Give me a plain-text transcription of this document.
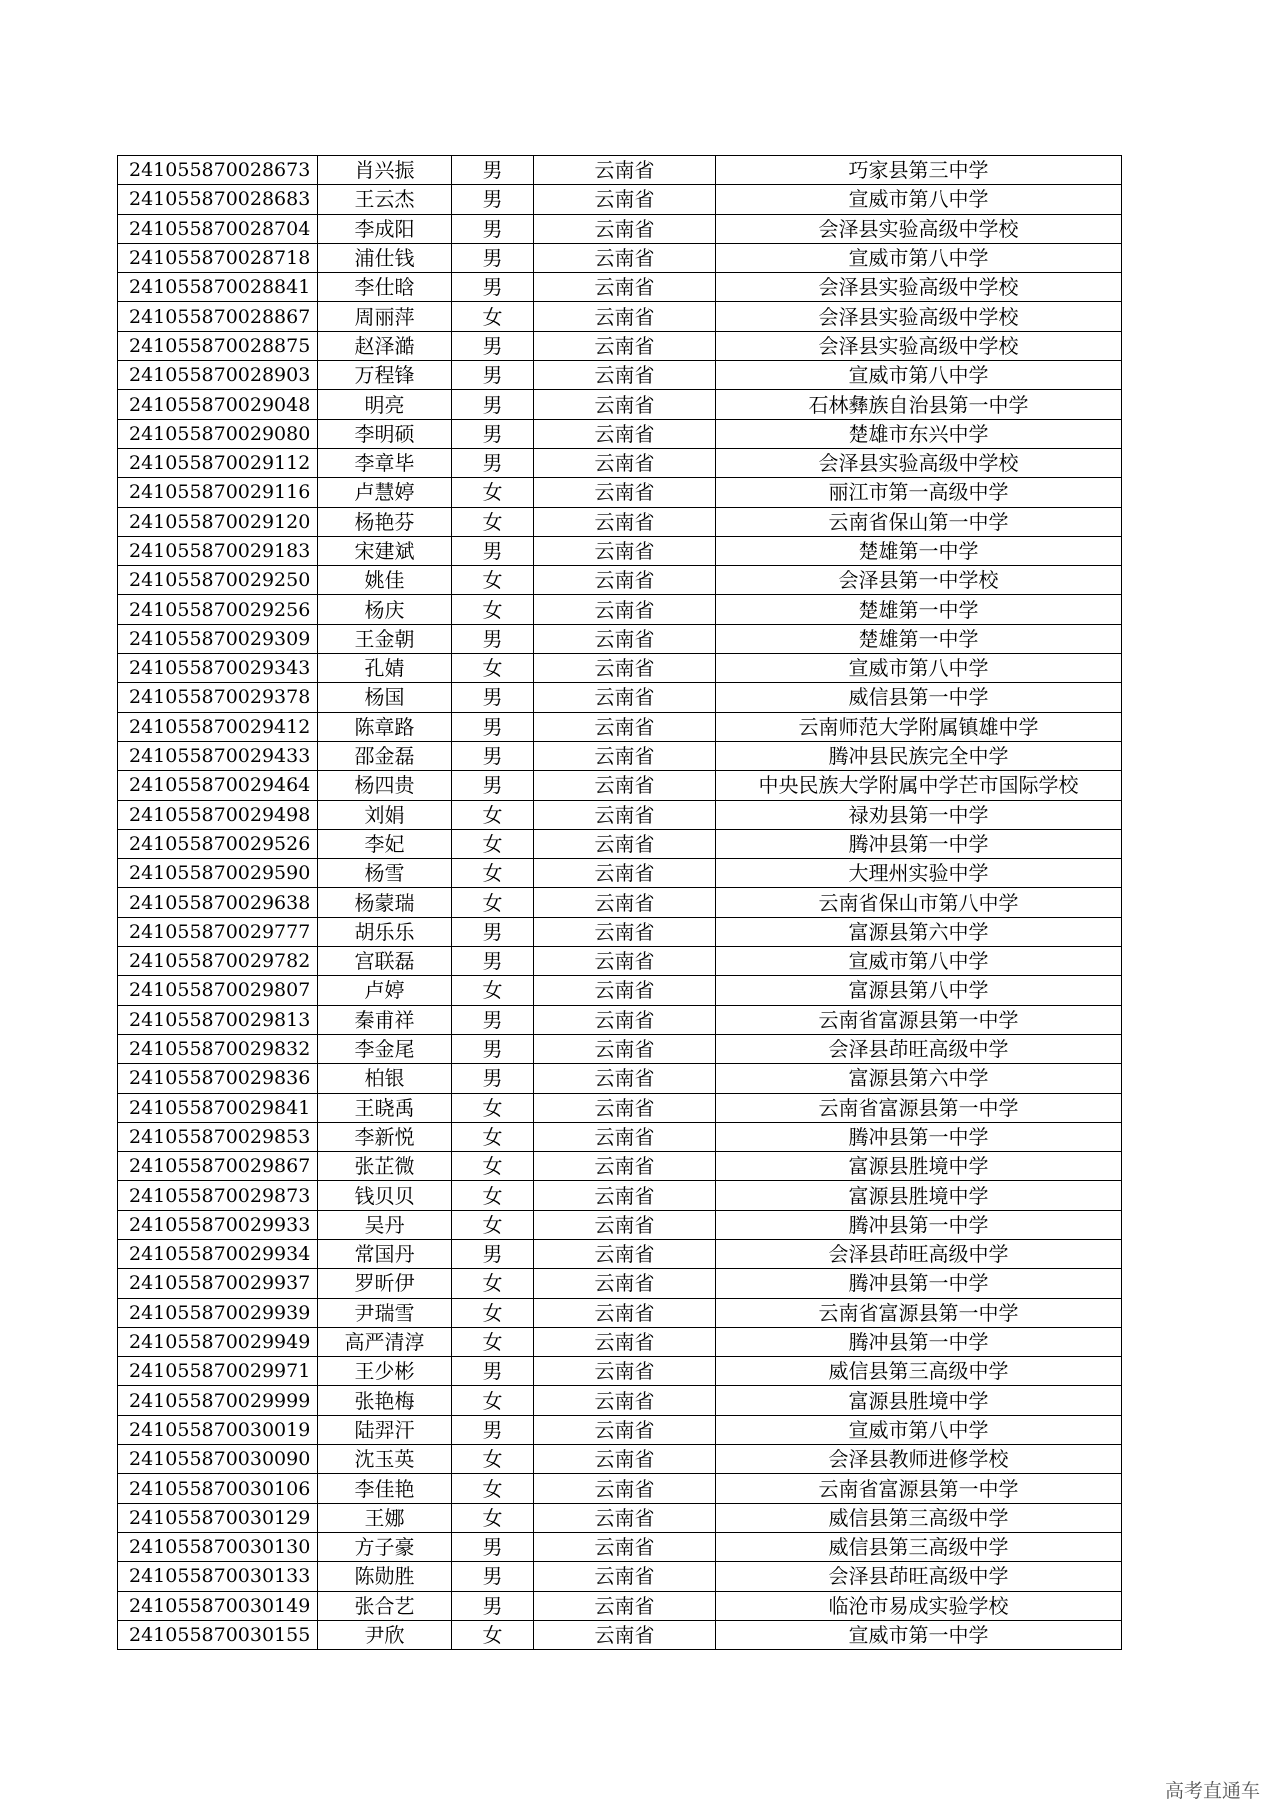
241055870028673	肖兴振	男	云南省	巧家县第三中学
241055870028683	王云杰	男	云南省	宣威市第八中学
241055870028704	李成阳	男	云南省	会泽县实验高级中学校
241055870028718	浦仕钱	男	云南省	宣威市第八中学
241055870028841	李仕晗	男	云南省	会泽县实验高级中学校
241055870028867	周丽萍	女	云南省	会泽县实验高级中学校
241055870028875	赵泽澔	男	云南省	会泽县实验高级中学校
241055870028903	万程锋	男	云南省	宣威市第八中学
241055870029048	明亮	男	云南省	石林彝族自治县第一中学
241055870029080	李明硕	男	云南省	楚雄市东兴中学
241055870029112	李章毕	男	云南省	会泽县实验高级中学校
241055870029116	卢慧婷	女	云南省	丽江市第一高级中学
241055870029120	杨艳芬	女	云南省	云南省保山第一中学
241055870029183	宋建斌	男	云南省	楚雄第一中学
241055870029250	姚佳	女	云南省	会泽县第一中学校
241055870029256	杨庆	女	云南省	楚雄第一中学
241055870029309	王金朝	男	云南省	楚雄第一中学
241055870029343	孔婧	女	云南省	宣威市第八中学
241055870029378	杨国	男	云南省	威信县第一中学
241055870029412	陈章路	男	云南省	云南师范大学附属镇雄中学
241055870029433	邵金磊	男	云南省	腾冲县民族完全中学
241055870029464	杨四贵	男	云南省	中央民族大学附属中学芒市国际学校
241055870029498	刘娟	女	云南省	禄劝县第一中学
241055870029526	李妃	女	云南省	腾冲县第一中学
241055870029590	杨雪	女	云南省	大理州实验中学
241055870029638	杨蒙瑞	女	云南省	云南省保山市第八中学
241055870029777	胡乐乐	男	云南省	富源县第六中学
241055870029782	宫联磊	男	云南省	宣威市第八中学
241055870029807	卢婷	女	云南省	富源县第八中学
241055870029813	秦甫祥	男	云南省	云南省富源县第一中学
241055870029832	李金尾	男	云南省	会泽县茚旺高级中学
241055870029836	柏银	男	云南省	富源县第六中学
241055870029841	王晓禹	女	云南省	云南省富源县第一中学
241055870029853	李新悦	女	云南省	腾冲县第一中学
241055870029867	张芷微	女	云南省	富源县胜境中学
241055870029873	钱贝贝	女	云南省	富源县胜境中学
241055870029933	吴丹	女	云南省	腾冲县第一中学
241055870029934	常国丹	男	云南省	会泽县茚旺高级中学
241055870029937	罗昕伊	女	云南省	腾冲县第一中学
241055870029939	尹瑞雪	女	云南省	云南省富源县第一中学
241055870029949	高严清淳	女	云南省	腾冲县第一中学
241055870029971	王少彬	男	云南省	威信县第三高级中学
241055870029999	张艳梅	女	云南省	富源县胜境中学
241055870030019	陆羿汗	男	云南省	宣威市第八中学
241055870030090	沈玉英	女	云南省	会泽县教师进修学校
241055870030106	李佳艳	女	云南省	云南省富源县第一中学
241055870030129	王娜	女	云南省	威信县第三高级中学
241055870030130	方子豪	男	云南省	威信县第三高级中学
241055870030133	陈勋胜	男	云南省	会泽县茚旺高级中学
241055870030149	张合艺	男	云南省	临沧市易成实验学校
241055870030155	尹欣	女	云南省	宣威市第一中学
高考直通车
